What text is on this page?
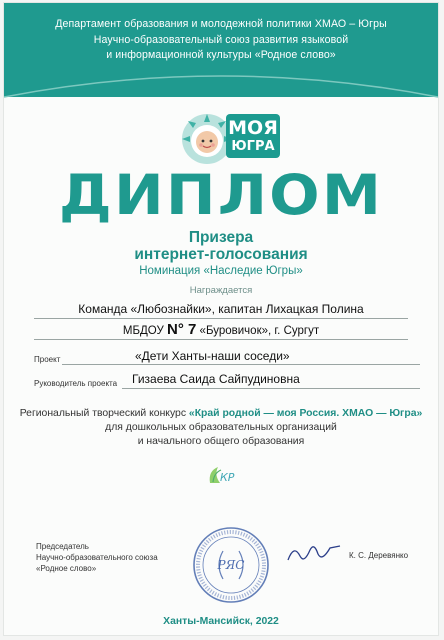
Департамент образования и молодежной политики ХМАО – Югры
Научно-образовательный союз развития языковой
и информационной культуры «Родное слово»
МОЯ
ЮГРА
ДИПЛОМ
Призера
интернет-голосования
Номинация «Наследие Югры»
Награждается
Команда «Любознайки», капитан Лихацкая Полина
МБДОУ N° 7 «Буровичок», г. Сургут
Проект	«Дети Ханты-наши соседи»
Руководитель проекта Гизаева Саида Сайпудиновна
Региональный творческий конкурс «Край родной — моя Россия. ХМАО — Югра»
для дошкольных образовательных организаций
и начального общего образования
КР
Председатель
Научно-образовательного союза
«Родное слово»	РЯС
К. С. Деревянко
Ханты-Мансийск, 2022
